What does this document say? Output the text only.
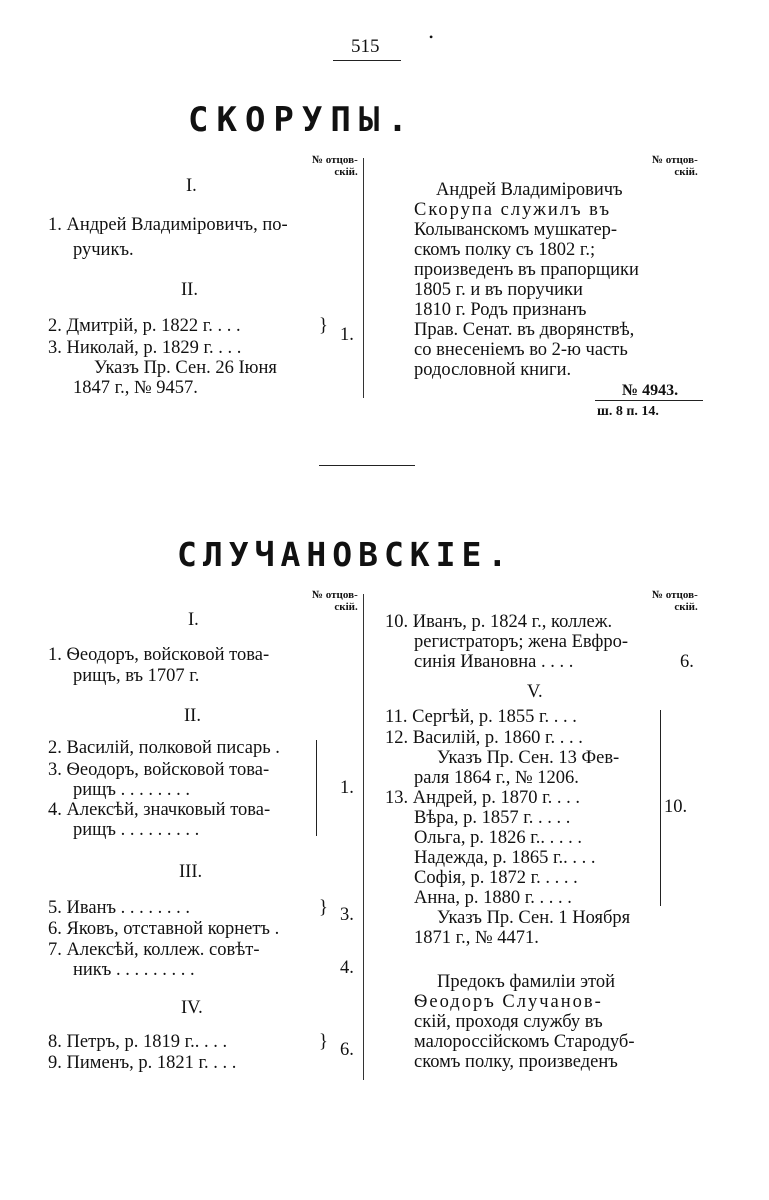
515	•
СКОРУПЫ.
№ отцов-
скій.
№ отцов-
скій.
I.
1. Андрей Владиміровичъ, по-
ручикъ.
II.
2. Дмитрій, р. 1822 г. . . .
3. Николай, р. 1829 г. . . .
Указъ Пр. Сен. 26 Іюня
1847 г., № 9457.
} 1.
Андрей Владиміровичъ
Скорупа служилъ въ
Колыванскомъ мушкатер-
скомъ полку съ 1802 г.;
произведенъ въ прапорщики
1805 г. и въ поручики
1810 г. Родъ признанъ
Прав. Сенат. въ дворянствѣ,
со внесеніемъ во 2-ю часть
родословной книги.
№ 4943.
ш. 8 п. 14.
СЛУЧАНОВСКІЕ.
№ отцов-
скій.
№ отцов-
скій.
I.
1. Ѳеодоръ, войсковой това-
рищъ, въ 1707 г.
II.
2. Василій, полковой писарь .
3. Ѳеодоръ, войсковой това-
рищъ . . . . . . . .
4. Алексѣй, значковый това-
рищъ . . . . . . . . .
1.
III.
5. Иванъ . . . . . . . .
6. Яковъ, отставной корнетъ .
7. Алексѣй, коллеж. совѣт-
никъ . . . . . . . . .
} 3.
4.
IV.
8. Петръ, р. 1819 г.. . . .
9. Пименъ, р. 1821 г. . . .
} 6.
10. Иванъ, р. 1824 г., коллеж.
регистраторъ; жена Евфро-
синія Ивановна . . . .	6.
V.
11. Сергѣй, р. 1855 г. . . .
12. Василій, р. 1860 г. . . .
Указъ Пр. Сен. 13 Фев-
раля 1864 г., № 1206.
13. Андрей, р. 1870 г. . . .
Вѣра, р. 1857 г. . . . .
Ольга, р. 1826 г.. . . . .
Надежда, р. 1865 г.. . . .
Софія, р. 1872 г. . . . .
Анна, р. 1880 г. . . . .
10.
Указъ Пр. Сен. 1 Ноября
1871 г., № 4471.
Предокъ фамиліи этой
Ѳеодоръ Случанов-
скій, проходя службу въ
малороссійскомъ Стародуб-
скомъ полку, произведенъ
